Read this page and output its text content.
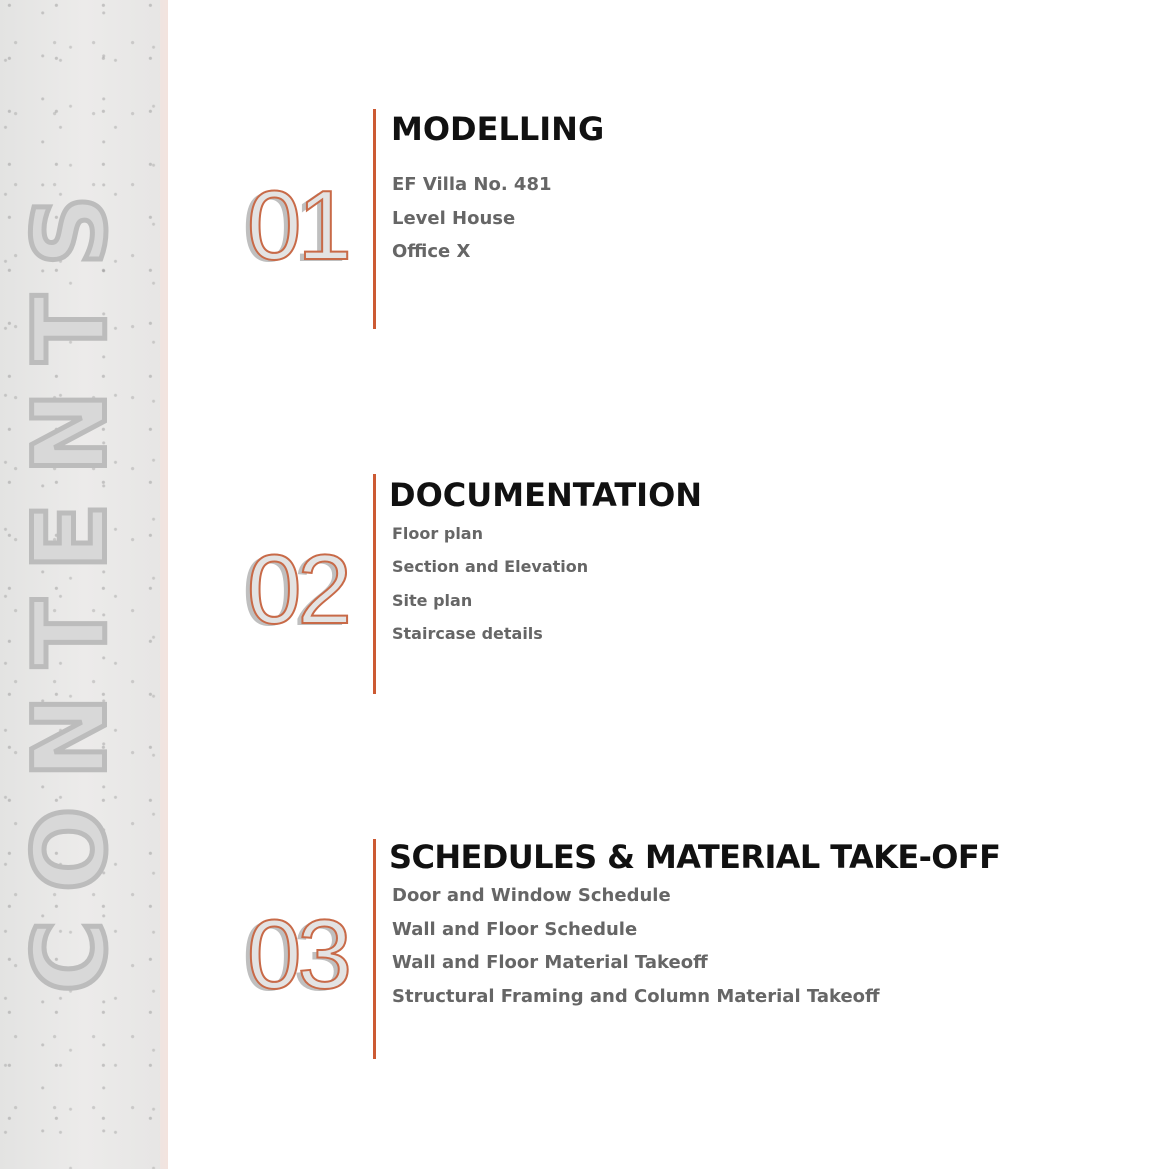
CONTENTS 01
MODELLING
EF Villa No. 481
Level House
Office X
02
DOCUMENTATION
Floor plan
Section and Elevation
Site plan
Staircase details
03
SCHEDULES & MATERIAL TAKE-OFF
Door and Window Schedule
Wall and Floor Schedule
Wall and Floor Material Takeoff
Structural Framing and Column Material Takeoff
